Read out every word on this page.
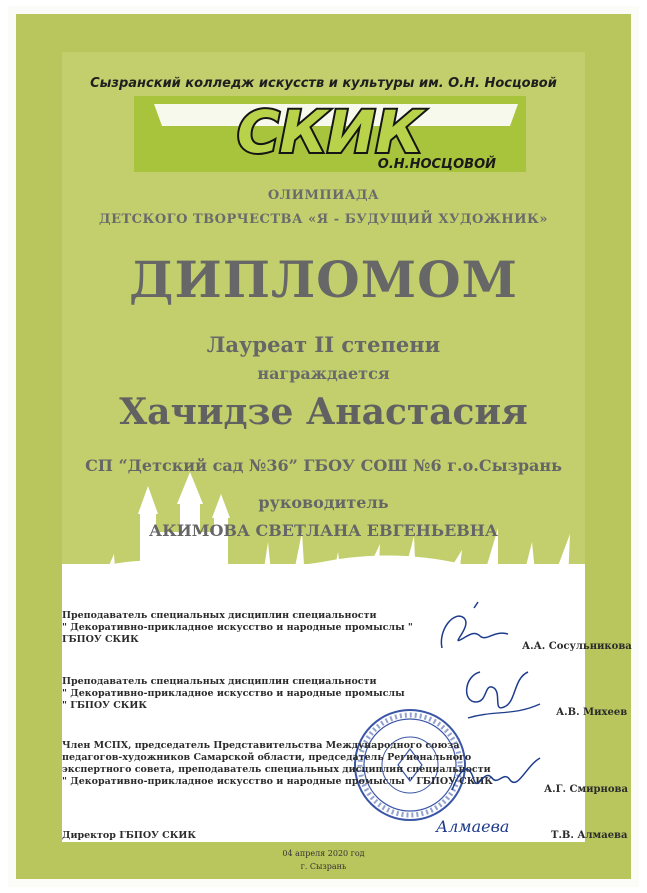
Сызранский колледж искусств и культуры им. О.Н. Носцовой
СКИК
О.Н.НОСЦОВОЙ
ОЛИМПИАДА
ДЕТСКОГО ТВОРЧЕСТВА «Я - БУДУЩИЙ ХУДОЖНИК»
ДИПЛОМОМ
Лауреат II степени
награждается
Хачидзе Анастасия
СП “Детский сад №36” ГБОУ СОШ №6 г.о.Сызрань
руководитель
АКИМОВА СВЕТЛАНА ЕВГЕНЬЕВНА
Преподаватель специальных дисциплин специальности
" Декоративно-прикладное искусство и народные промыслы "
ГБПОУ СКИК
А.А. Сосульникова
Преподаватель специальных дисциплин специальности
" Декоративно-прикладное искусство и народные промыслы
" ГБПОУ СКИК
А.В. Михеев
Член МСПХ, председатель Представительства Международного союза
педагогов-художников Самарской области, председатель Регионального
экспертного совета, преподаватель специальных дисциплин специальности
" Декоративно-прикладное искусство и народные промыслы " ГБПОУ СКИК
А.Г. Смирнова
Директор ГБПОУ СКИК	Т.В. Алмаева
Алмаева
04 апреля 2020 год
г. Сызрань
